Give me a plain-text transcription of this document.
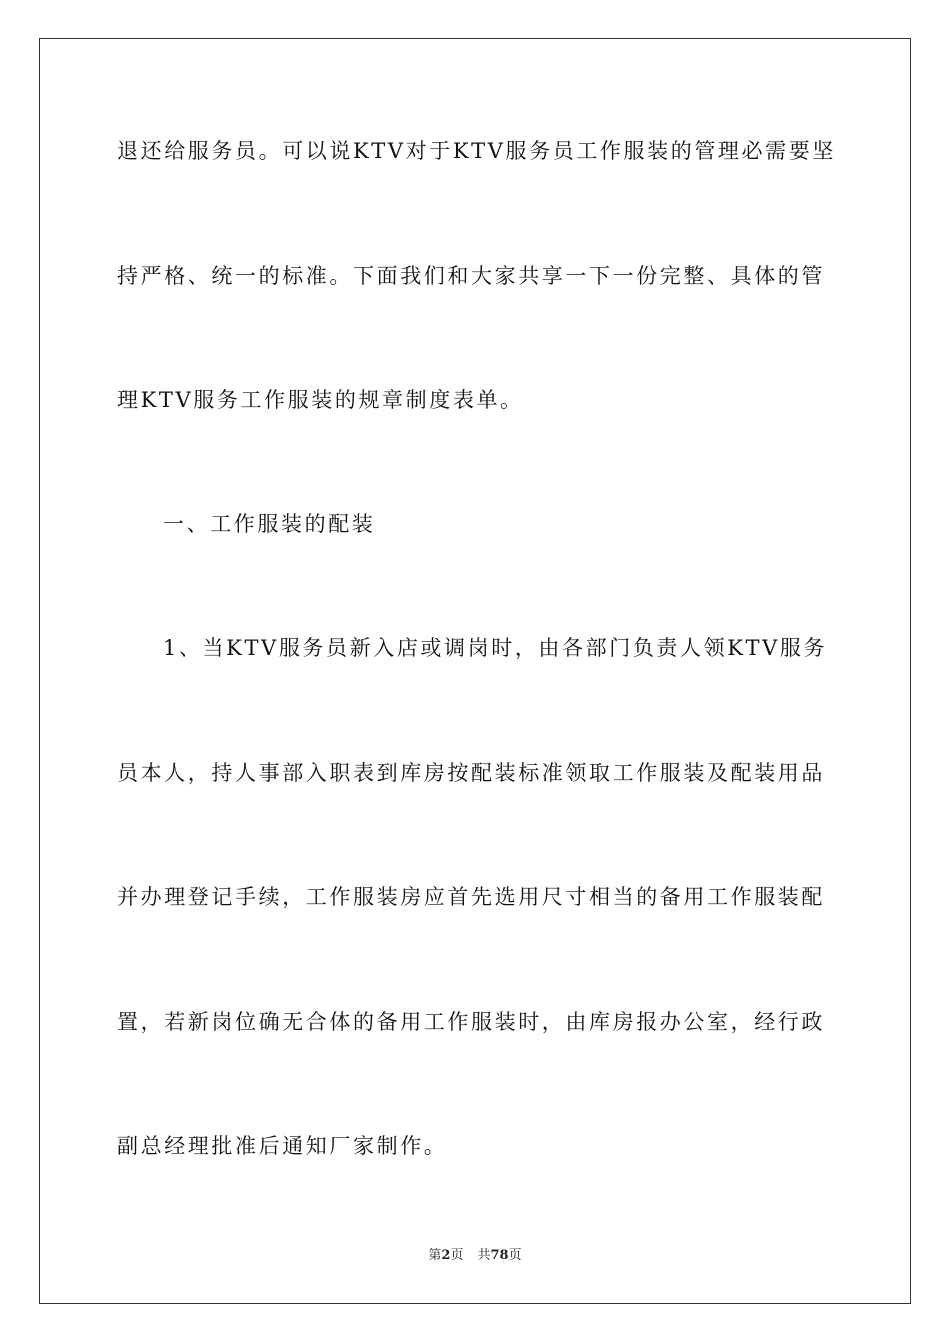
退还给服务员。可以说KTV对于KTV服务员工作服装的管理必需要坚
持严格、统一的标准。下面我们和大家共享一下一份完整、具体的管
理KTV服务工作服装的规章制度表单。
一、工作服装的配装
1、当KTV服务员新入店或调岗时，由各部门负责人领KTV服务
员本人，持人事部入职表到库房按配装标准领取工作服装及配装用品
并办理登记手续，工作服装房应首先选用尺寸相当的备用工作服装配
置，若新岗位确无合体的备用工作服装时，由库房报办公室，经行政
副总经理批准后通知厂家制作。
第2页 共78页
